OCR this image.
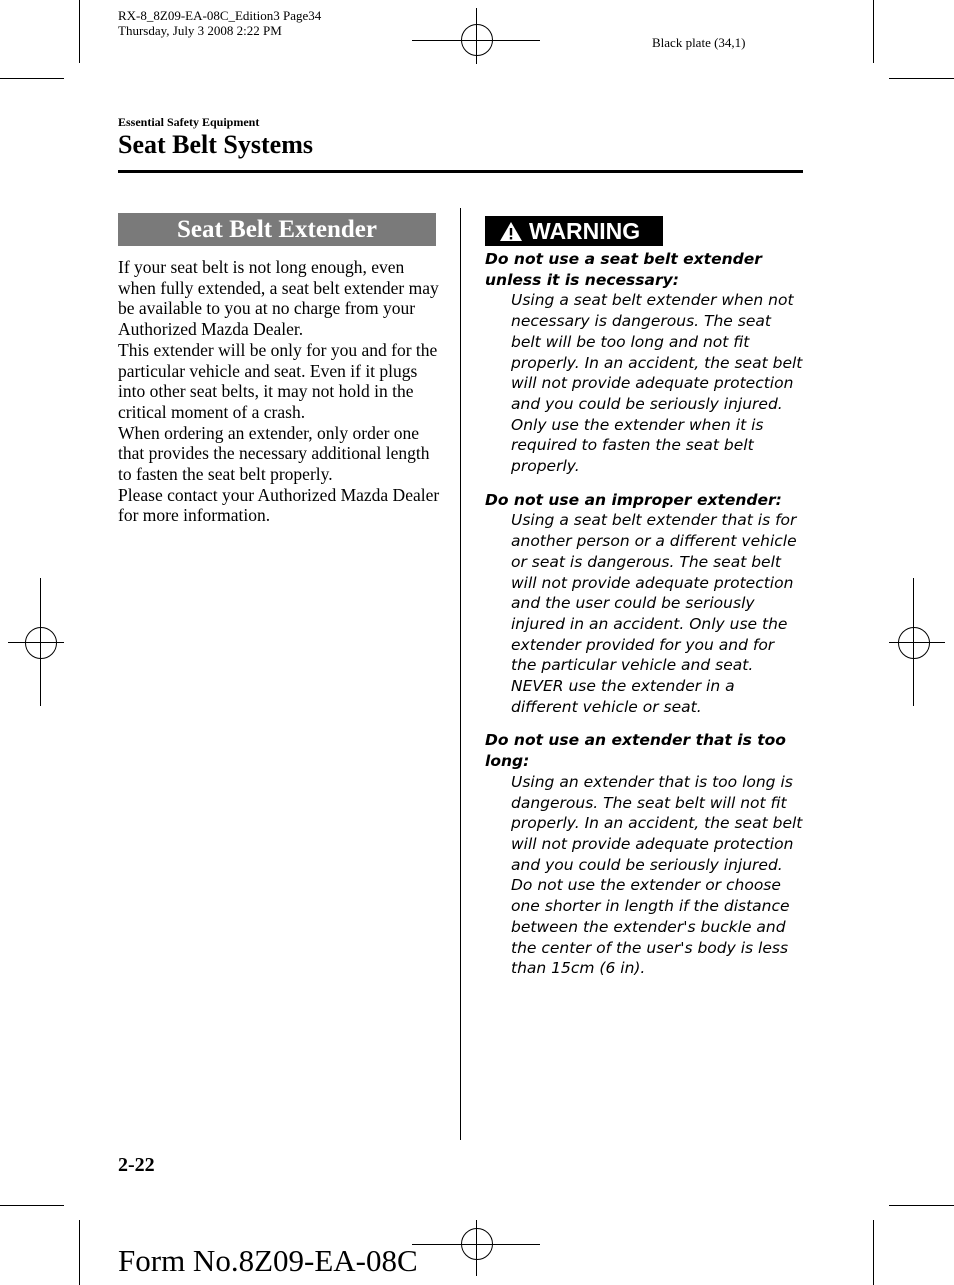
RX-8_8Z09-EA-08C_Edition3 Page34
Thursday, July 3 2008 2:22 PM
Black plate (34,1)
Essential Safety Equipment
Seat Belt Systems
Seat Belt Extender

If your seat belt is not long enough, even when fully extended, a seat belt extender may be available to you at no charge from your Authorized Mazda Dealer.

This extender will be only for you and for the particular vehicle and seat. Even if it plugs into other seat belts, it may not hold in the critical moment of a crash.

When ordering an extender, only order one that provides the necessary additional length to fasten the seat belt properly.

Please contact your Authorized Mazda Dealer for more information.

WARNING
Do not use a seat belt extender unless it is necessary:
Using a seat belt extender when not necessary is dangerous. The seat belt will be too long and not fit properly. In an accident, the seat belt will not provide adequate protection and you could be seriously injured. Only use the extender when it is required to fasten the seat belt properly.
Do not use an improper extender:
Using a seat belt extender that is for another person or a different vehicle or seat is dangerous. The seat belt will not provide adequate protection and the user could be seriously injured in an accident. Only use the extender provided for you and for the particular vehicle and seat. NEVER use the extender in a different vehicle or seat.
Do not use an extender that is too long:
Using an extender that is too long is dangerous. The seat belt will not fit properly. In an accident, the seat belt will not provide adequate protection and you could be seriously injured. Do not use the extender or choose one shorter in length if the distance between the extender's buckle and the center of the user's body is less than 15cm (6 in).
2-22
Form No.8Z09-EA-08C
